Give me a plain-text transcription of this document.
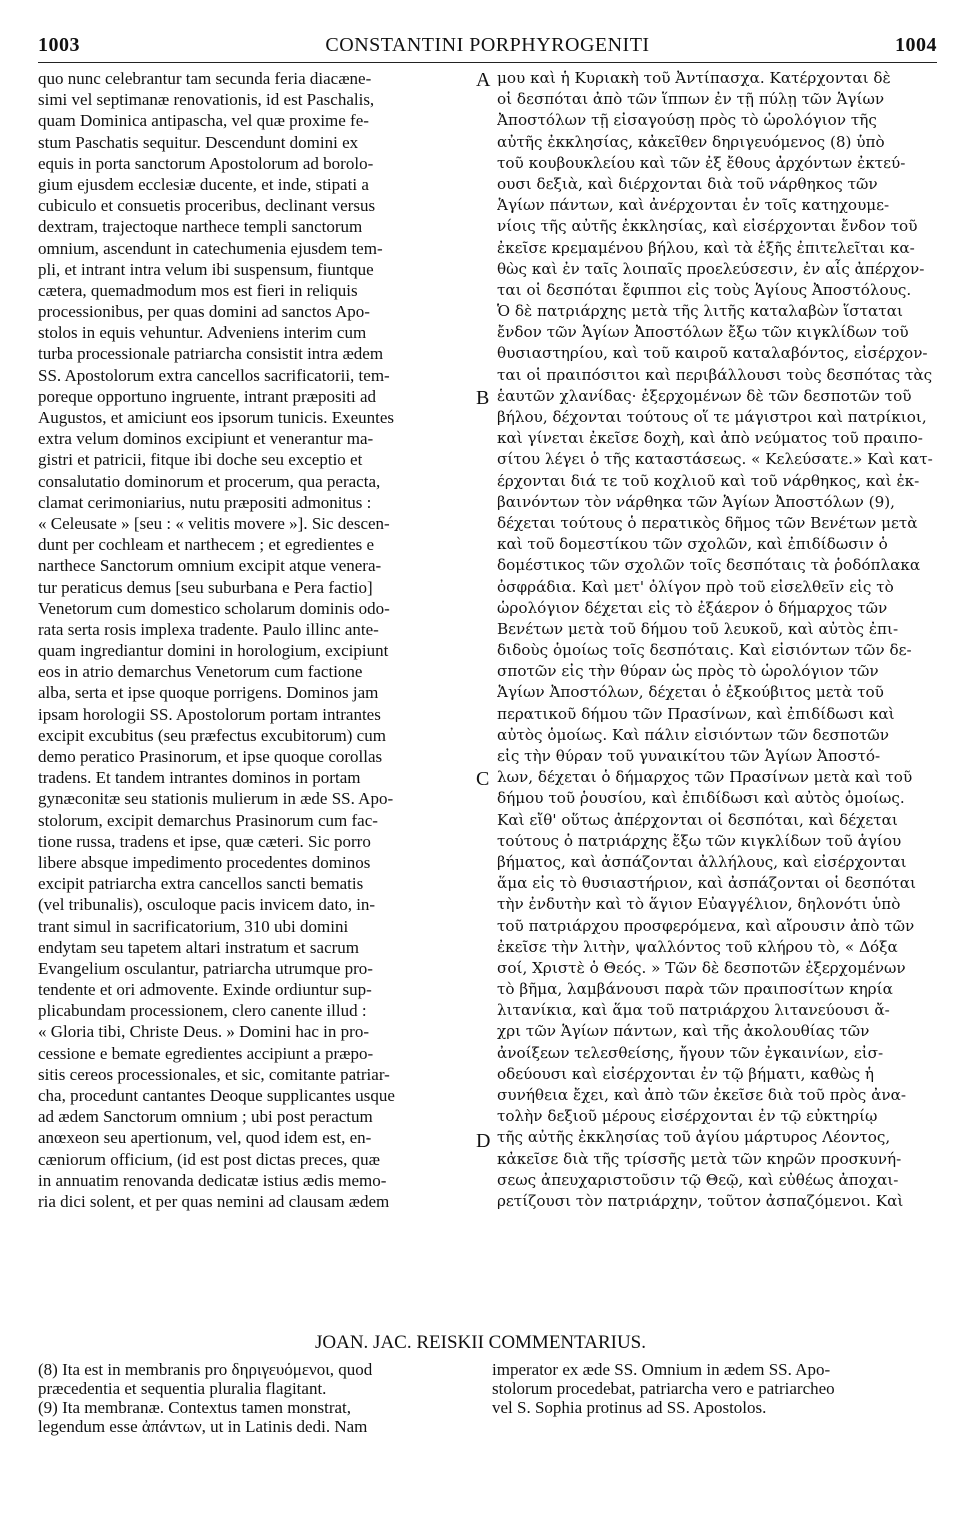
1003	CONSTANTINI PORPHYROGENITI	1004
quo nunc celebrantur tam secunda feria diacæne-
simi vel septimanæ renovationis, id est Paschalis,
quam Dominica antipascha, vel quæ proxime fe-
stum Paschatis sequitur. Descendunt domini ex
equis in porta sanctorum Apostolorum ad borolo-
gium ejusdem ecclesiæ ducente, et inde, stipati a
cubiculo et consuetis proceribus, declinant versus
dextram, trajectoque narthece templi sanctorum
omnium, ascendunt in catechumenia ejusdem tem-
pli, et intrant intra velum ibi suspensum, fiuntque
cætera, quemadmodum mos est fieri in reliquis
processionibus, per quas domini ad sanctos Apo-
stolos in equis vehuntur. Adveniens interim cum
turba processionale patriarcha consistit intra ædem
SS. Apostolorum extra cancellos sacrificatorii, tem-
poreque opportuno ingruente, intrant præpositi ad
Augustos, et amiciunt eos ipsorum tunicis. Exeuntes
extra velum dominos excipiunt et venerantur ma-
gistri et patricii, fitque ibi doche seu exceptio et
consalutatio dominorum et procerum, qua peracta,
clamat cerimoniarius, nutu præpositi admonitus :
« Celeusate » [seu : « velitis movere »]. Sic descen-
dunt per cochleam et narthecem ; et egredientes e
narthece Sanctorum omnium excipit atque venera-
tur peraticus demus [seu suburbana e Pera factio]
Venetorum cum domestico scholarum dominis odo-
rata serta rosis implexa tradente. Paulo illinc ante-
quam ingrediantur domini in horologium, excipiunt
eos in atrio demarchus Venetorum cum factione
alba, serta et ipse quoque porrigens. Dominos jam
ipsam horologii SS. Apostolorum portam intrantes
excipit excubitus (seu præfectus excubitorum) cum
demo peratico Prasinorum, et ipse quoque corollas
tradens. Et tandem intrantes dominos in portam
gynæconitæ seu stationis mulierum in æde SS. Apo-
stolorum, excipit demarchus Prasinorum cum fac-
tione russa, tradens et ipse, quæ cæteri. Sic porro
libere absque impedimento procedentes dominos
excipit patriarcha extra cancellos sancti bematis
(vel tribunalis), osculoque pacis invicem dato, in-
trant simul in sacrificatorium, 310 ubi domini
endytam seu tapetem altari instratum et sacrum
Evangelium osculantur, patriarcha utrumque pro-
tendente et ori admovente. Exinde ordiuntur sup-
plicabundam processionem, clero canente illud :
« Gloria tibi, Christe Deus. » Domini hac in pro-
cessione e bemate egredientes accipiunt a præpo-
sitis cereos processionales, et sic, comitante patriar-
cha, procedunt cantantes Deoque supplicantes usque
ad ædem Sanctorum omnium ; ubi post peractum
anœxeon seu apertionum, vel, quod idem est, en-
cæniorum officium, (id est post dictas preces, quæ
in annuatim renovanda dedicatæ istius ædis memo-
ria dici solent, et per quas nemini ad clausam ædem
μου καὶ ἡ Κυριακὴ τοῦ Ἀντίπασχα. Κατέρχονται δὲ
οἱ δεσπόται ἀπὸ τῶν ἵππων ἐν τῇ πύλῃ τῶν Ἁγίων
Ἀποστόλων τῇ εἰσαγούσῃ πρὸς τὸ ὡρολόγιον τῆς
αὐτῆς ἐκκλησίας, κἀκεῖθεν δηριγευόμενος (8) ὑπὸ
τοῦ κουβουκλείου καὶ τῶν ἐξ ἔθους ἀρχόντων ἐκτεύ-
ουσι δεξιὰ, καὶ διέρχονται διὰ τοῦ νάρθηκος τῶν
Ἁγίων πάντων, καὶ ἀνέρχονται ἐν τοῖς κατηχουμε-
νίοις τῆς αὐτῆς ἐκκλησίας, καὶ εἰσέρχονται ἔνδον τοῦ
ἐκεῖσε κρεμαμένου βήλου, καὶ τὰ ἑξῆς ἐπιτελεῖται κα-
θὼς καὶ ἐν ταῖς λοιπαῖς προελεύσεσιν, ἐν αἷς ἀπέρχον-
ται οἱ δεσπόται ἔφιπποι εἰς τοὺς Ἁγίους Ἀποστόλους.
Ὁ δὲ πατριάρχης μετὰ τῆς λιτῆς καταλαβὼν ἵσταται
ἔνδον τῶν Ἁγίων Ἀποστόλων ἔξω τῶν κιγκλίδων τοῦ
θυσιαστηρίου, καὶ τοῦ καιροῦ καταλαβόντος, εἰσέρχον-
ται οἱ πραιπόσιτοι καὶ περιβάλλουσι τοὺς δεσπότας τὰς
ἑαυτῶν χλανίδας· ἐξερχομένων δὲ τῶν δεσποτῶν τοῦ
βήλου, δέχονται τούτους οἵ τε μάγιστροι καὶ πατρίκιοι,
καὶ γίνεται ἐκεῖσε δοχὴ, καὶ ἀπὸ νεύματος τοῦ πραιπο-
σίτου λέγει ὁ τῆς καταστάσεως. « Κελεύσατε.» Καὶ κατ-
έρχονται διά τε τοῦ κοχλιοῦ καὶ τοῦ νάρθηκος, καὶ ἐκ-
βαινόντων τὸν νάρθηκα τῶν Ἁγίων Ἀποστόλων (9),
δέχεται τούτους ὁ περατικὸς δῆμος τῶν Βενέτων μετὰ
καὶ τοῦ δομεστίκου τῶν σχολῶν, καὶ ἐπιδίδωσιν ὁ
δομέστικος τῶν σχολῶν τοῖς δεσπόταις τὰ ῥοδόπλακα
ὀσφράδια. Καὶ μετ' ὀλίγον πρὸ τοῦ εἰσελθεῖν εἰς τὸ
ὡρολόγιον δέχεται εἰς τὸ ἐξάερον ὁ δήμαρχος τῶν
Βενέτων μετὰ τοῦ δήμου τοῦ λευκοῦ, καὶ αὐτὸς ἐπι-
διδοὺς ὁμοίως τοῖς δεσπόταις. Καὶ εἰσιόντων τῶν δε-
σποτῶν εἰς τὴν θύραν ὡς πρὸς τὸ ὡρολόγιον τῶν
Ἁγίων Ἀποστόλων, δέχεται ὁ ἐξκούβιτος μετὰ τοῦ
περατικοῦ δήμου τῶν Πρασίνων, καὶ ἐπιδίδωσι καὶ
αὐτὸς ὁμοίως. Καὶ πάλιν εἰσιόντων τῶν δεσποτῶν
εἰς τὴν θύραν τοῦ γυναικίτου τῶν Ἁγίων Ἀποστό-
λων, δέχεται ὁ δήμαρχος τῶν Πρασίνων μετὰ καὶ τοῦ
δήμου τοῦ ῥουσίου, καὶ ἐπιδίδωσι καὶ αὐτὸς ὁμοίως.
Καὶ εἴθ' οὕτως ἀπέρχονται οἱ δεσπόται, καὶ δέχεται
τούτους ὁ πατριάρχης ἔξω τῶν κιγκλίδων τοῦ ἁγίου
βήματος, καὶ ἀσπάζονται ἀλλήλους, καὶ εἰσέρχονται
ἅμα εἰς τὸ θυσιαστήριον, καὶ ἀσπάζονται οἱ δεσπόται
τὴν ἐνδυτὴν καὶ τὸ ἅγιον Εὐαγγέλιον, δηλονότι ὑπὸ
τοῦ πατριάρχου προσφερόμενα, καὶ αἴρουσιν ἀπὸ τῶν
ἐκεῖσε τὴν λιτὴν, ψαλλόντος τοῦ κλήρου τὸ, « Δόξα
σοί, Χριστὲ ὁ Θεός. » Τῶν δὲ δεσποτῶν ἐξερχομένων
τὸ βῆμα, λαμβάνουσι παρὰ τῶν πραιποσίτων κηρία
λιτανίκια, καὶ ἅμα τοῦ πατριάρχου λιτανεύουσι ἄ-
χρι τῶν Ἁγίων πάντων, καὶ τῆς ἀκολουθίας τῶν
ἀνοίξεων τελεσθείσης, ἤγουν τῶν ἐγκαινίων, εἰσ-
οδεύουσι καὶ εἰσέρχονται ἐν τῷ βήματι, καθὼς ἡ
συνήθεια ἔχει, καὶ ἀπὸ τῶν ἐκεῖσε διὰ τοῦ πρὸς ἀνα-
τολὴν δεξιοῦ μέρους εἰσέρχονται ἐν τῷ εὐκτηρίῳ
τῆς αὐτῆς ἐκκλησίας τοῦ ἁγίου μάρτυρος Λέοντος,
κἀκεῖσε διὰ τῆς τρίσσῆς μετὰ τῶν κηρῶν προσκυνή-
σεως ἀπευχαριστοῦσιν τῷ Θεῷ, καὶ εὐθέως ἀποχαι-
ρετίζουσι τὸν πατριάρχην, τοῦτον ἀσπαζόμενοι. Καὶ
A
B
C
D
JOAN. JAC. REISKII COMMENTARIUS.
(8) Ita est in membranis pro δηριγευόμενοι, quod
præcedentia et sequentia pluralia flagitant.
(9) Ita membranæ. Contextus tamen monstrat,
legendum esse ἀπάντων, ut in Latinis dedi. Nam
imperator ex æde SS. Omnium in ædem SS. Apo-
stolorum procedebat, patriarcha vero e patriarcheo
vel S. Sophia protinus ad SS. Apostolos.
